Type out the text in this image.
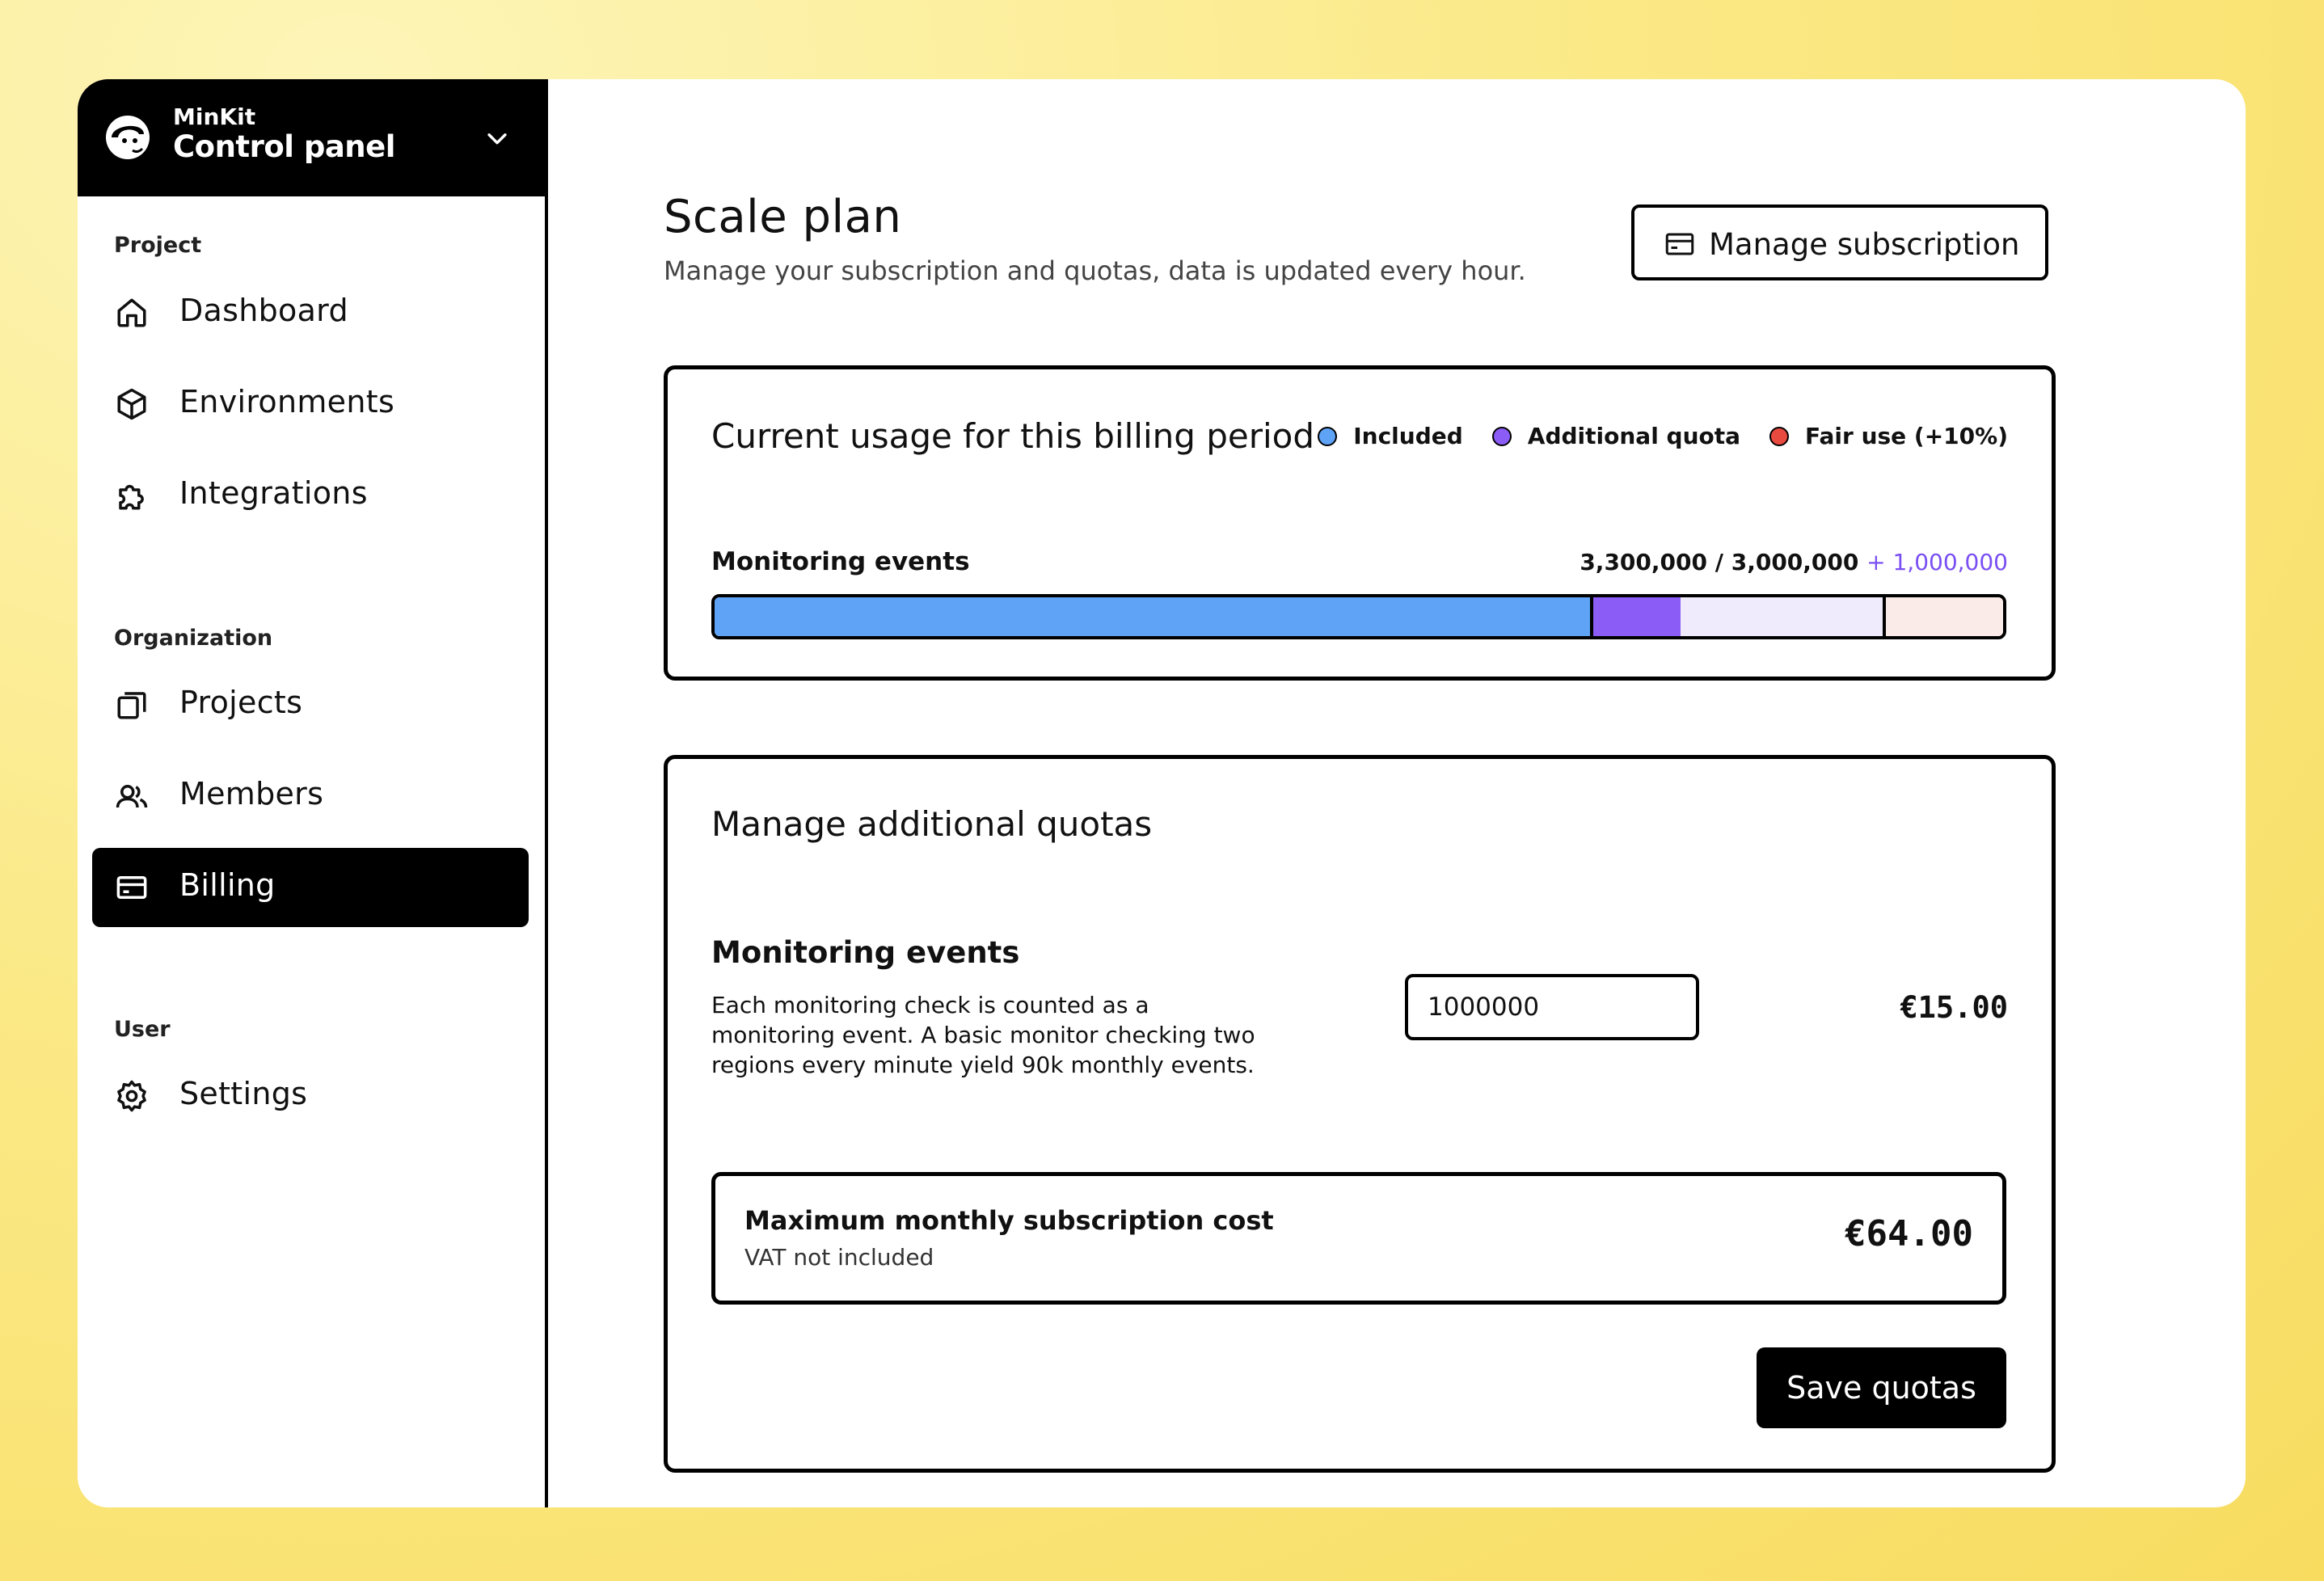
MinKit
Control panel
Project
Dashboard
Environments
Integrations
Organization
Projects
Members
Billing
User
Settings
Scale plan
Manage your subscription and quotas, data is updated every hour.
Manage subscription
Current usage for this billing period Included	Additional quota	Fair use (+10%)
Monitoring events	3,300,000 / 3,000,000 + 1,000,000
Manage additional quotas
Monitoring events
Each monitoring check is counted as a monitoring event. A basic monitor checking two regions every minute yield 90k monthly events.
1000000
€15.00
Maximum monthly subscription cost
VAT not included
€64.00
Save quotas
